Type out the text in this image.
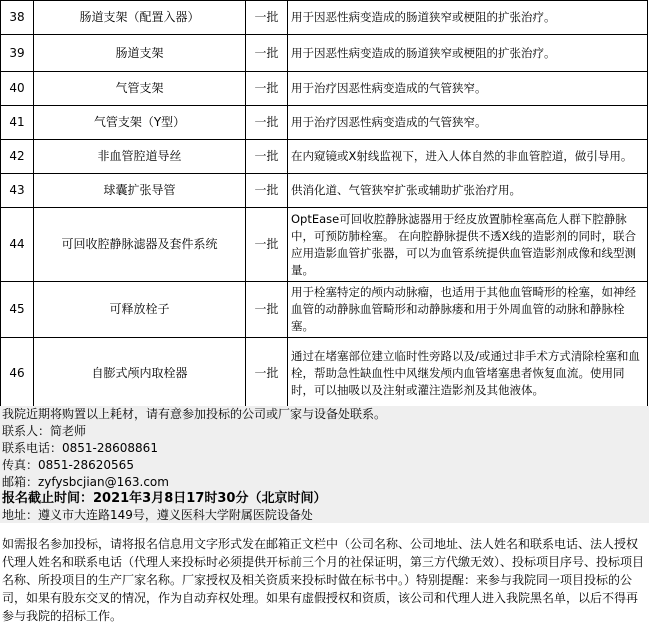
38	肠道支架（配置入器）	一批	用于因恶性病变造成的肠道狭窄或梗阻的扩张治疗。
39	肠道支架	一批	用于因恶性病变造成的肠道狭窄或梗阻的扩张治疗。
40	气管支架	一批	用于治疗因恶性病变造成的气管狭窄。
41	气管支架（Y型）	一批	用于治疗因恶性病变造成的气管狭窄。
42	非血管腔道导丝	一批	在内窥镜或X射线监视下，进入人体自然的非血管腔道，做引导用。
43	球囊扩张导管	一批	供消化道、气管狭窄扩张或辅助扩张治疗用。
44	可回收腔静脉滤器及套件系统	一批	OptEase可回收腔静脉滤器用于经皮放置肺栓塞高危人群下腔静脉中，可预防肺栓塞。 在向腔静脉提供不透X线的造影剂的同时，联合应用造影血管扩张器，可以为血管系统提供血管造影剂成像和线型测量。
45	可释放栓子	一批	用于栓塞特定的颅内动脉瘤，也适用于其他血管畸形的栓塞，如神经血管的动静脉血管畸形和动静脉瘘和用于外周血管的动脉和静脉栓塞。
46	自膨式颅内取栓器	一批	通过在堵塞部位建立临时性旁路以及/或通过非手术方式清除栓塞和血栓，帮助急性缺血性中风继发颅内血管堵塞患者恢复血流。使用同时，可以抽吸以及注射或灌注造影剂及其他液体。
我院近期将购置以上耗材，请有意参加投标的公司或厂家与设备处联系。
联系人：简老师
联系电话：0851-28608861
传真：0851-28620565
邮箱：zyfysbcjian@163.com
报名截止时间：2021年3月8日17时30分（北京时间）
地址：遵义市大连路149号，遵义医科大学附属医院设备处
如需报名参加投标，请将报名信息用文字形式发在邮箱正文栏中（公司名称、公司地址、法人姓名和联系电话、法人授权代理人姓名和联系电话（代理人来投标时必须提供开标前三个月的社保证明，第三方代缴无效）、投标项目序号、投标项目名称、所投项目的生产厂家名称。厂家授权及相关资质来投标时做在标书中。）特别提醒：来参与我院同一项目投标的公司，如果有股东交叉的情况，作为自动弃权处理。如果有虚假授权和资质，该公司和代理人进入我院黑名单，以后不得再参与我院的招标工作。
